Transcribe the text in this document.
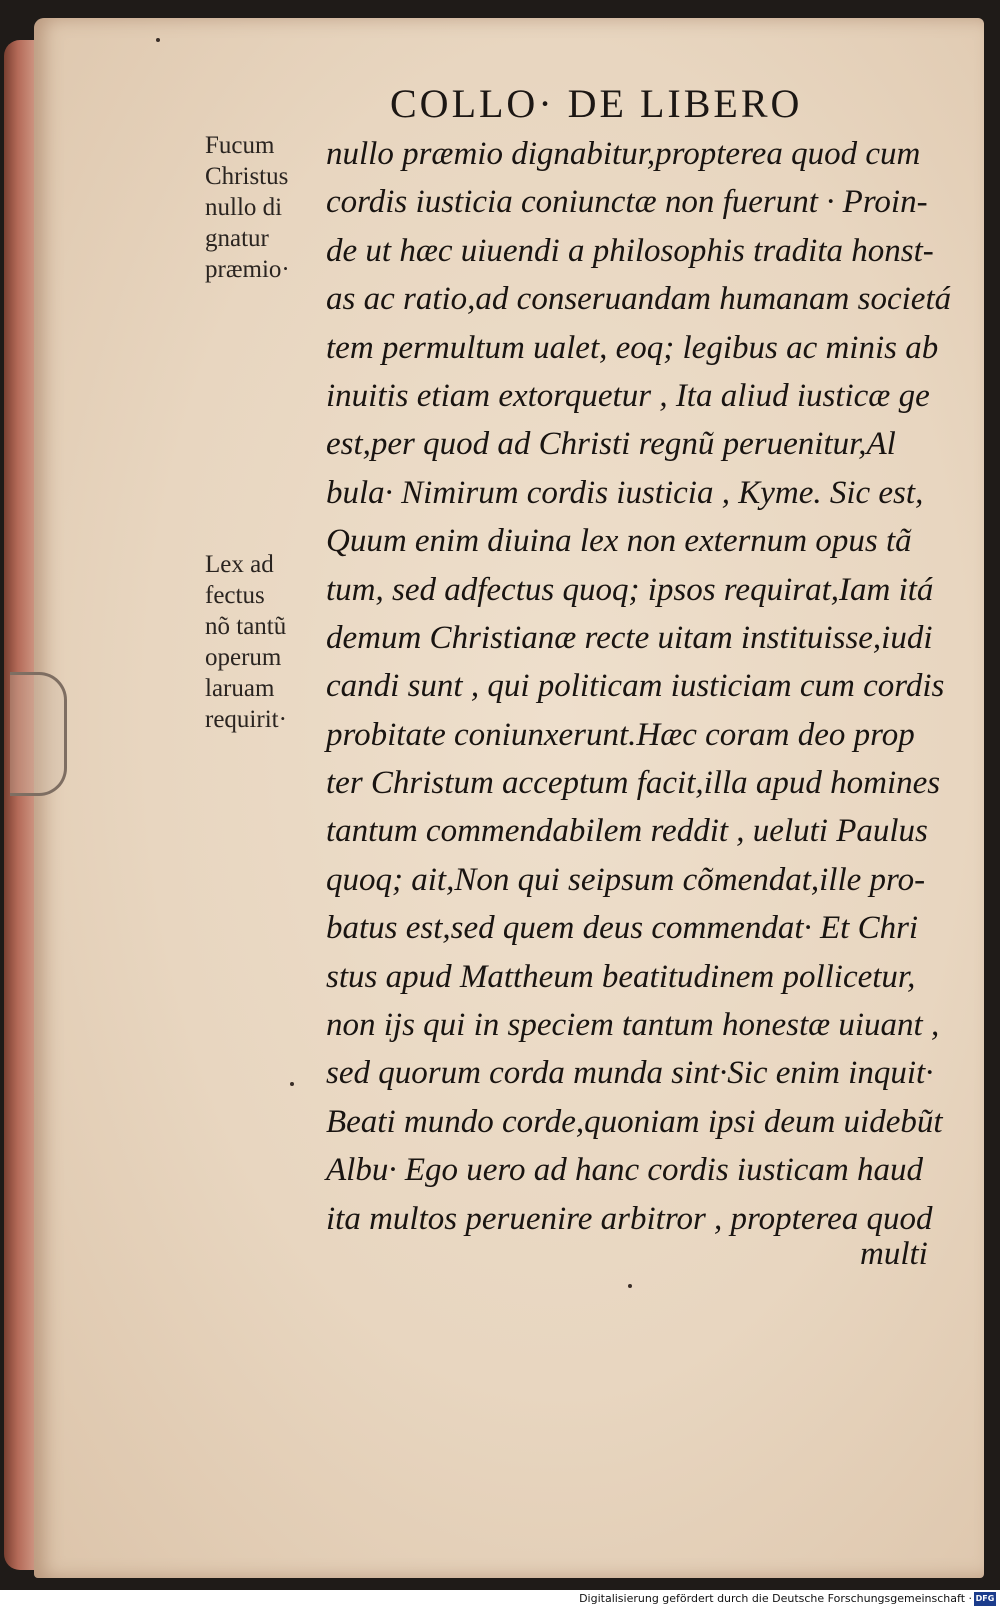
COLLO· DE LIBERO
Fucum
Christus
nullo di
gnatur
præmio·
Lex ad
fectus
nõ tantũ
operum
laruam
requirit·
nullo præmio dignabitur,propterea quod cum
cordis iusticia coniunctæ non fuerunt · Proin-
de ut hæc uiuendi a philosophis tradita honst-
as ac ratio,ad conseruandam humanam societá
tem permultum ualet, eoq; legibus ac minis ab
inuitis etiam extorquetur , Ita aliud iusticæ ge
est,per quod ad Christi regnũ peruenitur,Al
bula· Nimirum cordis iusticia , Kyme. Sic est,
Quum enim diuina lex non externum opus tã
tum, sed adfectus quoq; ipsos requirat,Iam itá
demum Christianæ recte uitam instituisse,iudi
candi sunt , qui politicam iusticiam cum cordis
probitate coniunxerunt.Hæc coram deo prop
ter Christum acceptum facit,illa apud homines
tantum commendabilem reddit , ueluti Paulus
quoq; ait,Non qui seipsum cõmendat,ille pro-
batus est,sed quem deus commendat· Et Chri
stus apud Mattheum beatitudinem pollicetur,
non ijs qui in speciem tantum honestæ uiuant ,
sed quorum corda munda sint·Sic enim inquit·
Beati mundo corde,quoniam ipsi deum uidebũt
Albu· Ego uero ad hanc cordis iusticam haud
ita multos peruenire arbitror , propterea quod
multi
Digitalisierung gefördert durch die Deutsche Forschungsgemeinschaft · DFG
